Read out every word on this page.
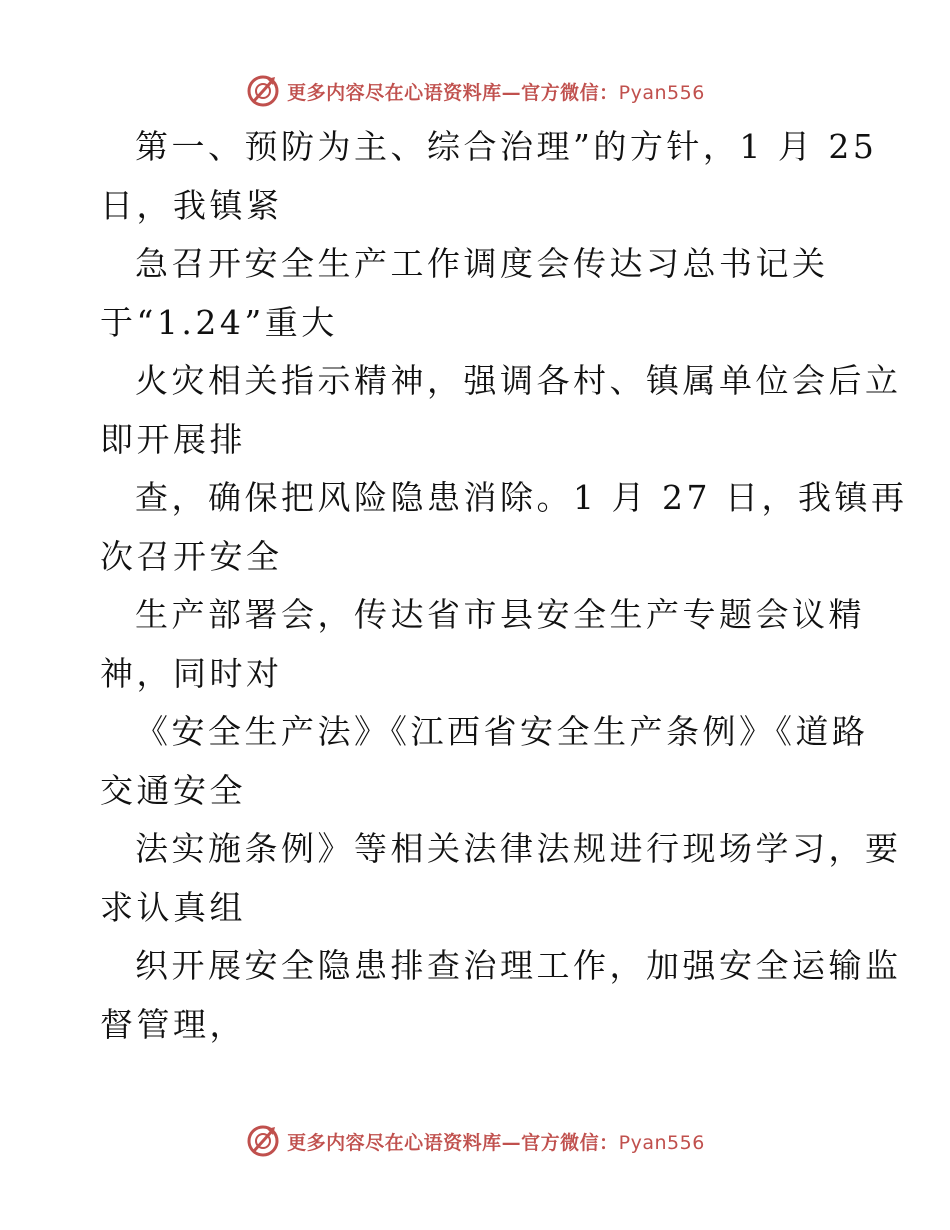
更多内容尽在心语资料库—官方微信：Pyan556
第一、预防为主、综合治理”的方针，1 月 25
日，我镇紧
急召开安全生产工作调度会传达习总书记关
于“1.24”重大
火灾相关指示精神，强调各村、镇属单位会后立
即开展排
查，确保把风险隐患消除。1 月 27 日，我镇再
次召开安全
生产部署会，传达省市县安全生产专题会议精
神，同时对
《安全生产法》《江西省安全生产条例》《道路
交通安全
法实施条例》等相关法律法规进行现场学习，要
求认真组
织开展安全隐患排查治理工作，加强安全运输监
督管理，
更多内容尽在心语资料库—官方微信：Pyan556
